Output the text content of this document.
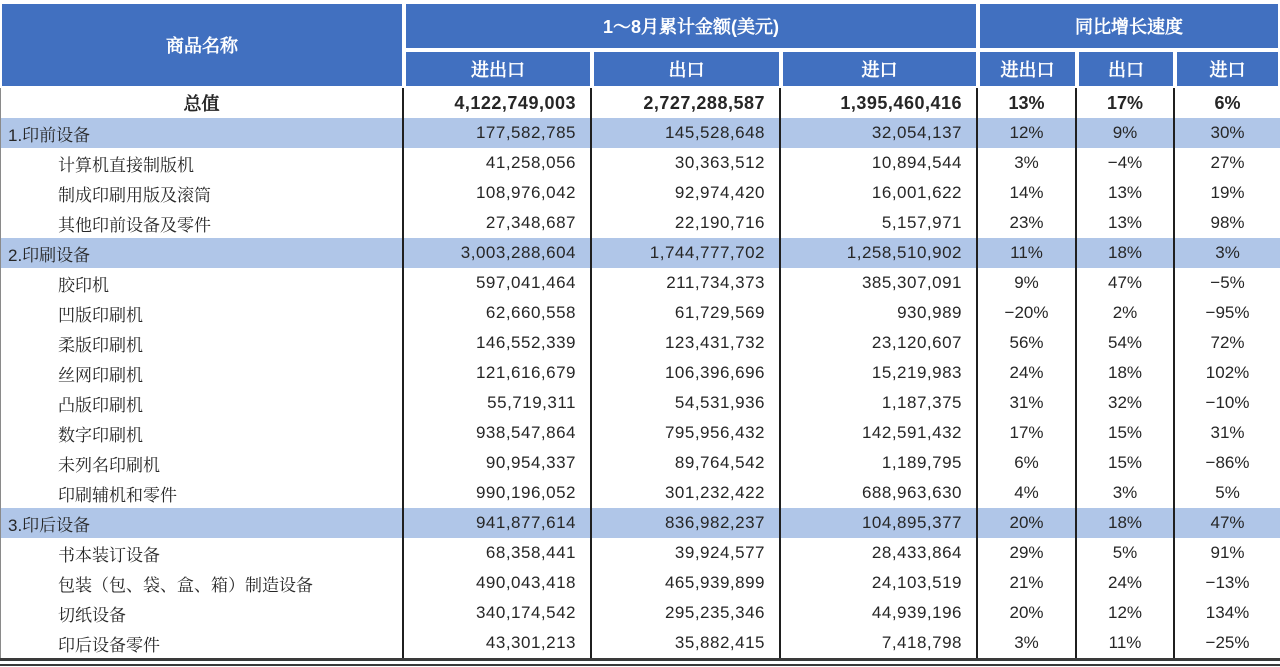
商品名称	1～8月累计金额(美元)			同比增长速度		
	进出口	出口	进口	进出口	出口	进口
总值	4,122,749,003	2,727,288,587	1,395,460,416	13%	17%	6%
1.印前设备	177,582,785	145,528,648	32,054,137	12%	9%	30%
计算机直接制版机	41,258,056	30,363,512	10,894,544	3%	−4%	27%
制成印刷用版及滚筒	108,976,042	92,974,420	16,001,622	14%	13%	19%
其他印前设备及零件	27,348,687	22,190,716	5,157,971	23%	13%	98%
2.印刷设备	3,003,288,604	1,744,777,702	1,258,510,902	11%	18%	3%
胶印机	597,041,464	211,734,373	385,307,091	9%	47%	−5%
凹版印刷机	62,660,558	61,729,569	930,989	−20%	2%	−95%
柔版印刷机	146,552,339	123,431,732	23,120,607	56%	54%	72%
丝网印刷机	121,616,679	106,396,696	15,219,983	24%	18%	102%
凸版印刷机	55,719,311	54,531,936	1,187,375	31%	32%	−10%
数字印刷机	938,547,864	795,956,432	142,591,432	17%	15%	31%
未列名印刷机	90,954,337	89,764,542	1,189,795	6%	15%	−86%
印刷辅机和零件	990,196,052	301,232,422	688,963,630	4%	3%	5%
3.印后设备	941,877,614	836,982,237	104,895,377	20%	18%	47%
书本装订设备	68,358,441	39,924,577	28,433,864	29%	5%	91%
包装（包、袋、盒、箱）制造设备	490,043,418	465,939,899	24,103,519	21%	24%	−13%
切纸设备	340,174,542	295,235,346	44,939,196	20%	12%	134%
印后设备零件	43,301,213	35,882,415	7,418,798	3%	11%	−25%
